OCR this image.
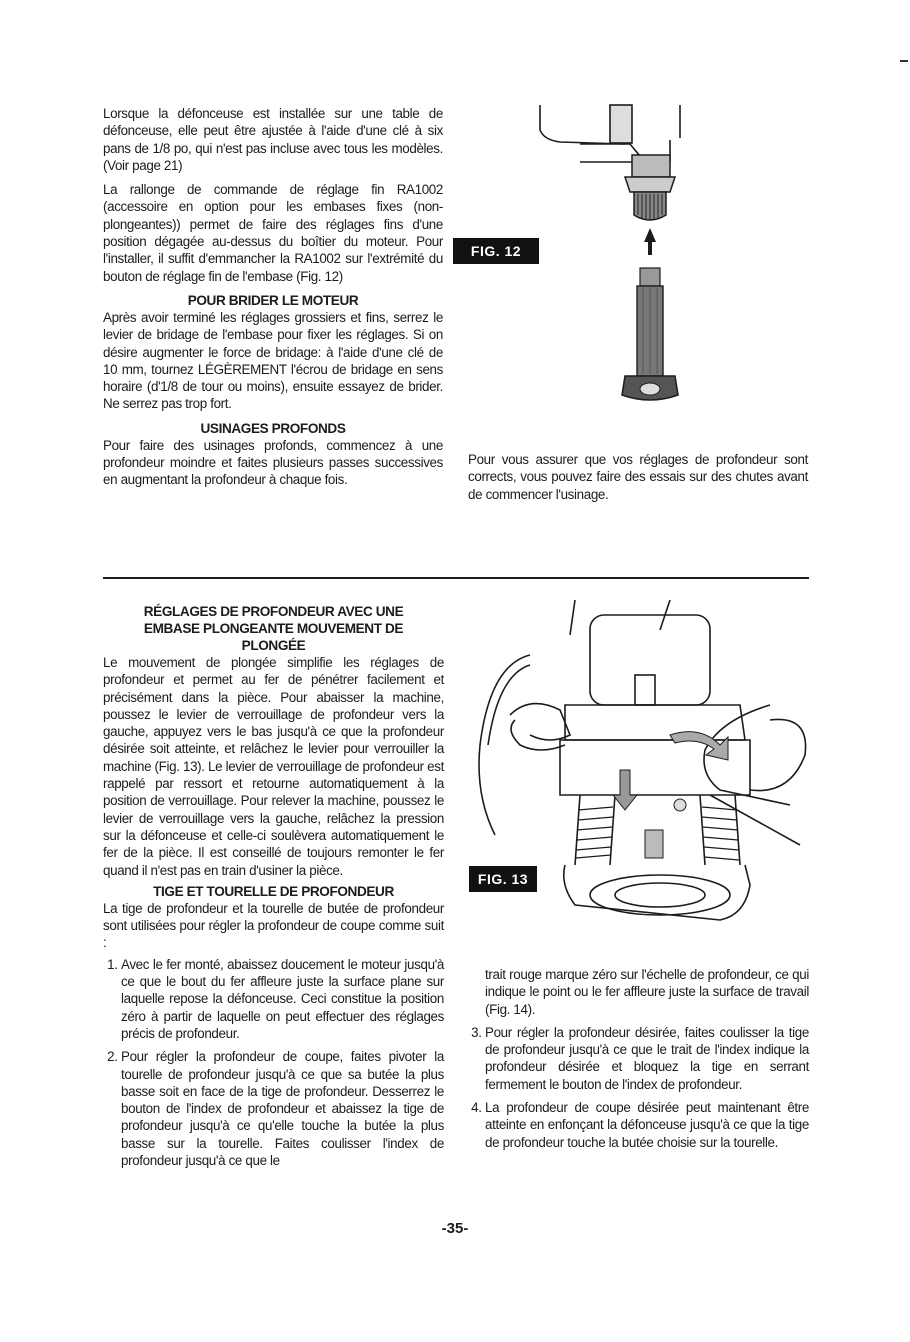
Lorsque la défonceuse est installée sur une table de défonceuse, elle peut être ajustée à l'aide d'une clé à six pans de 1/8 po, qui n'est pas incluse avec tous les modèles. (Voir page 21)

La rallonge de commande de réglage fin RA1002 (accessoire en option pour les embases fixes (non-plongeantes)) permet de faire des réglages fins d'une position dégagée au-dessus du boîtier du moteur. Pour l'installer, il suffit d'emmancher la RA1002 sur l'extrémité du bouton de réglage fin de l'embase (Fig. 12)

POUR BRIDER LE MOTEUR

Après avoir terminé les réglages grossiers et fins, serrez le levier de bridage de l'embase pour fixer les réglages. Si on désire augmenter le force de bridage: à l'aide d'une clé de 10 mm, tournez LÉGÈREMENT l'écrou de bridage en sens horaire (d'1/8 de tour ou moins), ensuite essayez de brider. Ne serrez pas trop fort.

USINAGES PROFONDS

Pour faire des usinages profonds, commencez à une profondeur moindre et faites plusieurs passes successives en augmentant la profondeur à chaque fois.

FIG. 12

Pour vous assurer que vos réglages de profondeur sont corrects, vous pouvez faire des essais sur des chutes avant de commencer l'usinage.

RÉGLAGES DE PROFONDEUR AVEC UNE EMBASE PLONGEANTE MOUVEMENT DE PLONGÉE

Le mouvement de plongée simplifie les réglages de profondeur et permet au fer de pénétrer facilement et précisément dans la pièce. Pour abaisser la machine, poussez le levier de verrouillage de profondeur vers la gauche, appuyez vers le bas jusqu'à ce que la profondeur désirée soit atteinte, et relâchez le levier pour verrouiller la machine (Fig. 13). Le levier de verrouillage de profondeur est rappelé par ressort et retourne automatiquement à la position de verrouillage. Pour relever la machine, poussez le levier de verrouillage vers la gauche, relâchez la pression sur la défonceuse et celle-ci soulèvera automatiquement le fer de la pièce. Il est conseillé de toujours remonter le fer quand il n'est pas en train d'usiner la pièce.

TIGE ET TOURELLE DE PROFONDEUR

La tige de profondeur et la tourelle de butée de profondeur sont utilisées pour régler la profondeur de coupe comme suit :

1. Avec le fer monté, abaissez doucement le moteur jusqu'à ce que le bout du fer affleure juste la surface plane sur laquelle repose la défonceuse. Ceci constitue la position zéro à partir de laquelle on peut effectuer des réglages précis de profondeur.
2. Pour régler la profondeur de coupe, faites pivoter la tourelle de profondeur jusqu'à ce que sa butée la plus basse soit en face de la tige de profondeur. Desserrez le bouton de l'index de profondeur et abaissez la tige de profondeur jusqu'à ce qu'elle touche la butée la plus basse sur la tourelle. Faites coulisser l'index de profondeur jusqu'à ce que le
FIG. 13

trait rouge marque zéro sur l'échelle de profondeur, ce qui indique le point ou le fer affleure juste la surface de travail (Fig. 14).

3. Pour régler la profondeur désirée, faites coulisser la tige de profondeur jusqu'à ce que le trait de l'index indique la profondeur désirée et bloquez la tige en serrant fermement le bouton de l'index de profondeur.
4. La profondeur de coupe désirée peut maintenant être atteinte en enfonçant la défonceuse jusqu'à ce que la tige de profondeur touche la butée choisie sur la tourelle.
-35-
